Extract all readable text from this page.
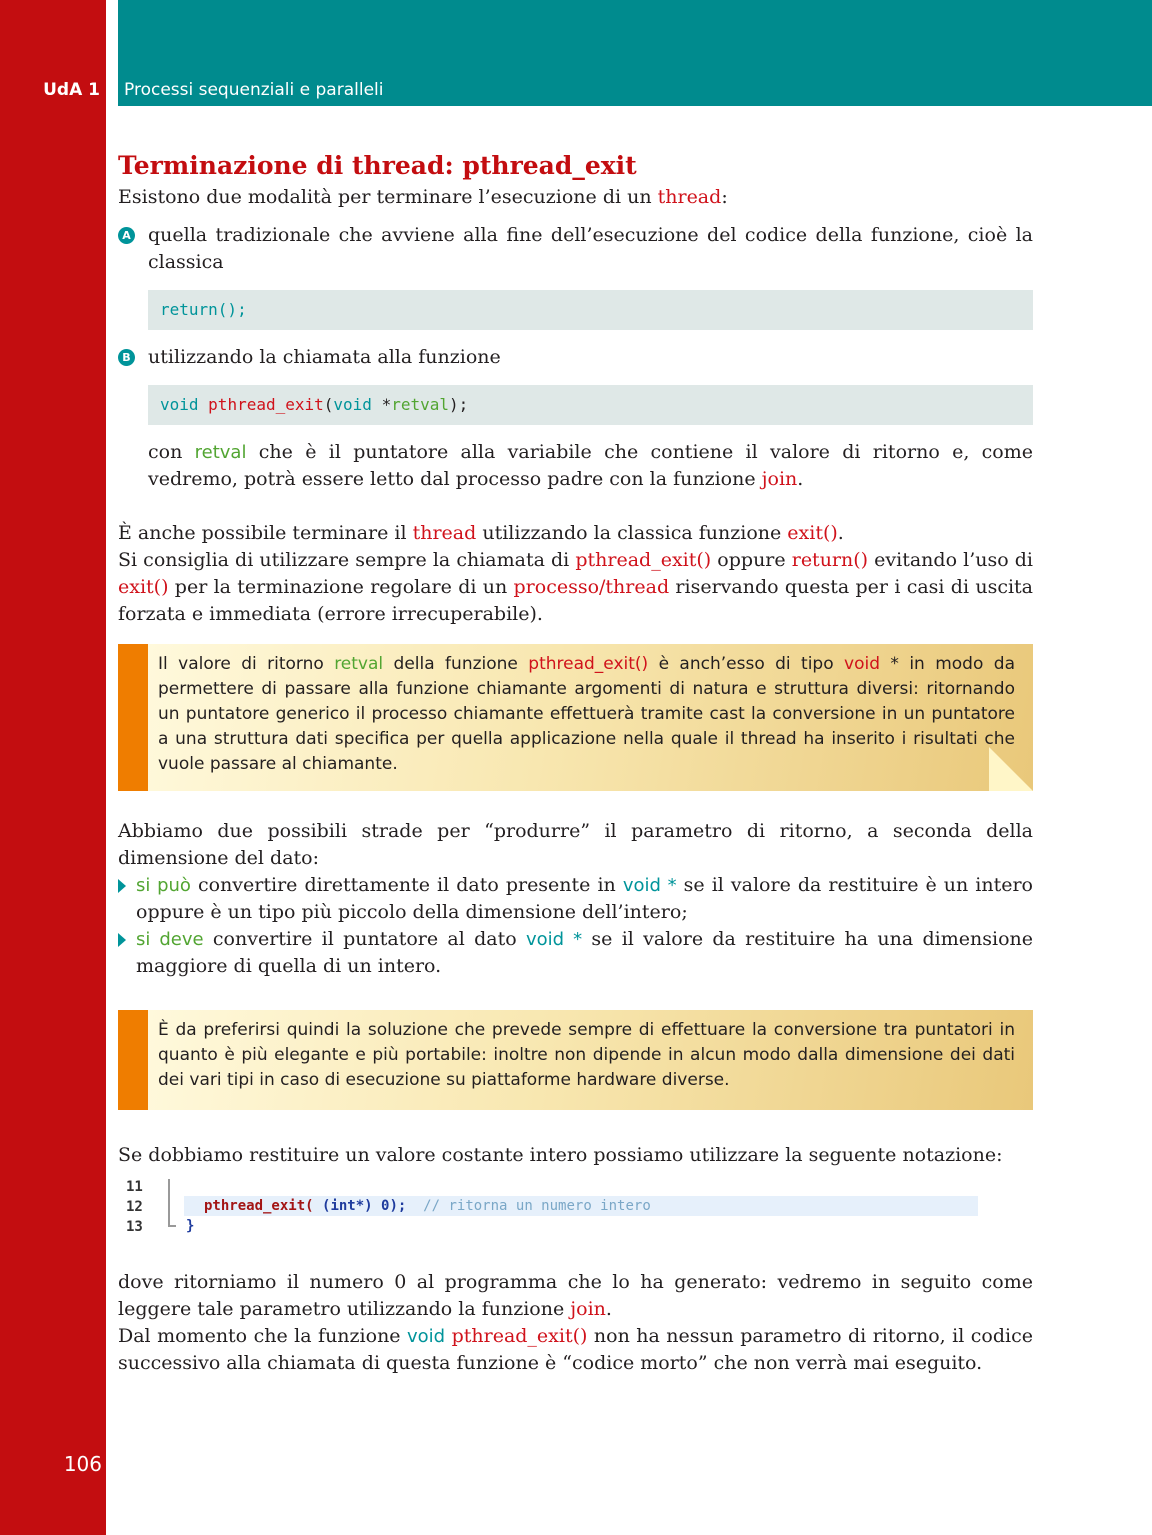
UdA 1	Processi sequenziali e paralleli
106
Terminazione di thread: pthread_exit

Esistono due modalità per terminare l’esecuzione di un thread:

A quella tradizionale che avviene alla fine dell’esecuzione del codice della funzione, cioè la classica

return();
B utilizzando la chiamata alla funzione

void pthread_exit(void *retval);

con retval che è il puntatore alla variabile che contiene il valore di ritorno e, come vedremo, potrà essere letto dal processo padre con la funzione join.

È anche possibile terminare il thread utilizzando la classica funzione exit().

Si consiglia di utilizzare sempre la chiamata di pthread_exit() oppure return() evitando l’uso di exit() per la terminazione regolare di un processo/thread riservando questa per i casi di uscita forzata e immediata (errore irrecuperabile).

Il valore di ritorno retval della funzione pthread_exit() è anch’esso di tipo void * in modo da permettere di passare alla funzione chiamante argomenti di natura e struttura diversi: ritornando un puntatore generico il processo chiamante effettuerà tramite cast la conversione in un puntatore a una struttura dati specifica per quella applicazione nella quale il thread ha inserito i risultati che vuole passare al chiamante.

Abbiamo due possibili strade per “produrre” il parametro di ritorno, a seconda della dimensione del dato:

si può convertire direttamente il dato presente in void * se il valore da restituire è un intero oppure è un tipo più piccolo della dimensione dell’intero;

si deve convertire il puntatore al dato void * se il valore da restituire ha una dimensione maggiore di quella di un intero.

È da preferirsi quindi la soluzione che prevede sempre di effettuare la conversione tra puntatori in quanto è più elegante e più portabile: inoltre non dipende in alcun modo dalla dimensione dei dati dei vari tipi in caso di esecuzione su piattaforme hardware diverse.

Se dobbiamo restituire un valore costante intero possiamo utilizzare la seguente notazione:

11
12
13
pthread_exit( (int*) 0); // ritorna un numero intero
}

dove ritorniamo il numero 0 al programma che lo ha generato: vedremo in seguito come leggere tale parametro utilizzando la funzione join.

Dal momento che la funzione void pthread_exit() non ha nessun parametro di ritorno, il codice successivo alla chiamata di questa funzione è “codice morto” che non verrà mai eseguito.
